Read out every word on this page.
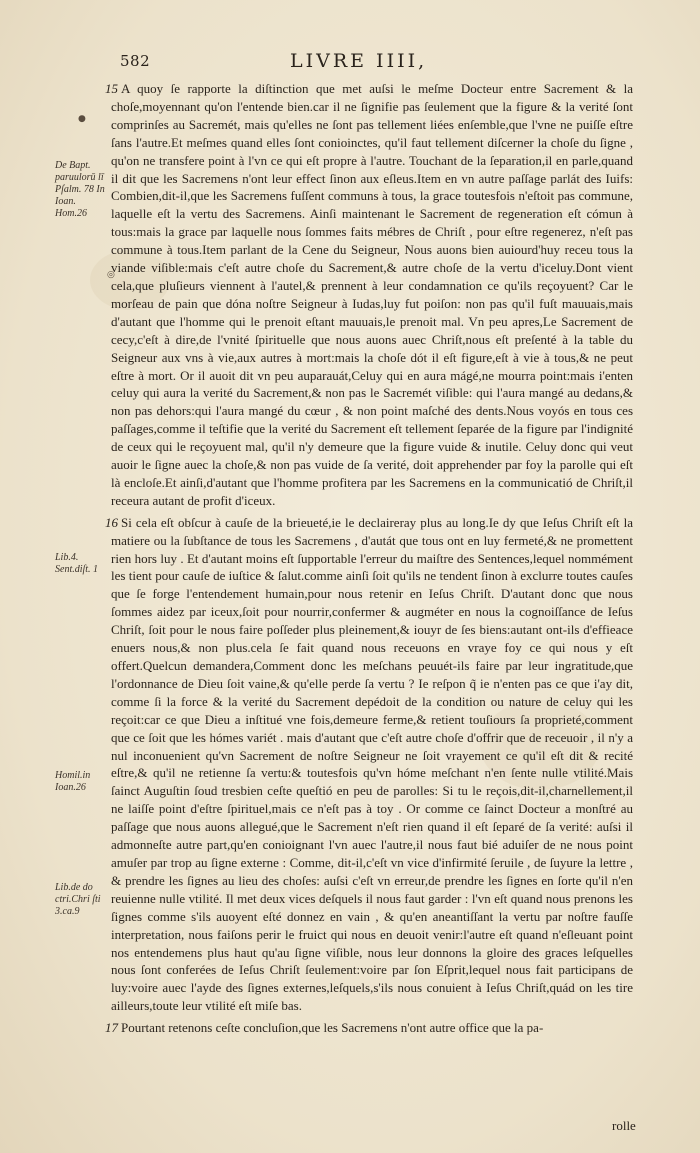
582	LIVRE IIII,
●
◎
De Bapt. paruulorū lī Pſalm. 78 In Ioan. Hom.26
Lib.4. Sent.diſt. 1
Homil.in Ioan.26
Lib.de do ctri.Chri ſti 3.ca.9
15 A quoy ſe rapporte la diſtinction que met auſsi le meſme Docteur entre Sacrement & la choſe,moyennant qu'on l'entende bien.car il ne ſignifie pas ſeulement que la figure & la verité ſont comprinſes au Sacremét, mais qu'elles ne ſont pas tellement liées enſemble,que l'vne ne puiſſe eſtre ſans l'autre.Et meſmes quand elles ſont conioinctes, qu'il faut tellement diſcerner la choſe du ſigne , qu'on ne transfere point à l'vn ce qui eſt propre à l'autre. Touchant de la ſeparation,il en parle,quand il dit que les Sacremens n'ont leur effect ſinon aux eſleus.Item en vn autre paſſage parlát des Iuifs: Combien,dit-il,que les Sacremens fuſſent communs à tous, la grace toutesfois n'eſtoit pas commune, laquelle eſt la vertu des Sacremens. Ainſi maintenant le Sacrement de regeneration eſt cómun à tous:mais la grace par laquelle nous ſommes faits mébres de Chriſt , pour eſtre regenerez, n'eſt pas commune à tous.Item parlant de la Cene du Seigneur, Nous auons bien auiourd'huy receu tous la viande viſible:mais c'eſt autre choſe du Sacrement,& autre choſe de la vertu d'iceluy.Dont vient cela,que pluſieurs viennent à l'autel,& prennent à leur condamnation ce qu'ils reçoyuent? Car le morſeau de pain que dóna noſtre Seigneur à Iudas,luy fut poiſon: non pas qu'il fuſt mauuais,mais d'autant que l'homme qui le prenoit eſtant mauuais,le prenoit mal. Vn peu apres,Le Sacrement de cecy,c'eſt à dire,de l'vnité ſpirituelle que nous auons auec Chriſt,nous eſt preſenté à la table du Seigneur aux vns à vie,aux autres à mort:mais la choſe dót il eſt figure,eſt à vie à tous,& ne peut eſtre à mort. Or il auoit dit vn peu auparauát,Celuy qui en aura mágé,ne mourra point:mais i'enten celuy qui aura la verité du Sacrement,& non pas le Sacremét viſible: qui l'aura mangé au dedans,& non pas dehors:qui l'aura mangé du cœur , & non point maſché des dents.Nous voyós en tous ces paſſages,comme il teſtifie que la verité du Sacrement eſt tellement ſeparée de la figure par l'indignité de ceux qui le reçoyuent mal, qu'il n'y demeure que la figure vuide & inutile. Celuy donc qui veut auoir le ſigne auec la choſe,& non pas vuide de ſa verité, doit apprehender par foy la parolle qui eſt là encloſe.Et ainſi,d'autant que l'homme profitera par les Sacremens en la communicatió de Chriſt,il receura autant de profit d'iceux.
16 Si cela eſt obſcur à cauſe de la brieueté,ie le declaireray plus au long.Ie dy que Ieſus Chriſt eſt la matiere ou la ſubſtance de tous les Sacremens , d'autát que tous ont en luy fermeté,& ne promettent rien hors luy . Et d'autant moins eſt ſupportable l'erreur du maiſtre des Sentences,lequel nommément les tient pour cauſe de iuſtice & ſalut.comme ainſi ſoit qu'ils ne tendent ſinon à exclurre toutes cauſes que ſe forge l'entendement humain,pour nous retenir en Ieſus Chriſt. D'autant donc que nous ſommes aidez par iceux,ſoit pour nourrir,confermer & augméter en nous la cognoiſſance de Ieſus Chriſt, ſoit pour le nous faire poſſeder plus pleinement,& iouyr de ſes biens:autant ont-ils d'effieace enuers nous,& non plus.cela ſe fait quand nous receuons en vraye foy ce qui nous y eſt offert.Quelcun demandera,Comment donc les meſchans peuuét-ils faire par leur ingratitude,que l'ordonnance de Dieu ſoit vaine,& qu'elle perde ſa vertu ? Ie reſpon q̃ ie n'enten pas ce que i'ay dit, comme ſi la force & la verité du Sacrement depédoit de la condition ou nature de celuy qui les reçoit:car ce que Dieu a inſtitué vne fois,demeure ferme,& retient touſiours ſa proprieté,comment que ce ſoit que les hómes variét . mais d'autant que c'eſt autre choſe d'offrir que de receuoir , il n'y a nul inconuenient qu'vn Sacrement de noſtre Seigneur ne ſoit vrayement ce qu'il eſt dit & recité eſtre,& qu'il ne retienne ſa vertu:& toutesfois qu'vn hóme meſchant n'en ſente nulle vtilité.Mais ſainct Auguſtin ſoud tresbien ceſte queſtió en peu de parolles: Si tu le reçois,dit-il,charnellement,il ne laiſſe point d'eſtre ſpirituel,mais ce n'eſt pas à toy . Or comme ce ſainct Docteur a monſtré au paſſage que nous auons allegué,que le Sacrement n'eſt rien quand il eſt ſeparé de ſa verité: auſsi il admonneſte autre part,qu'en conioignant l'vn auec l'autre,il nous faut bié aduiſer de ne nous point amuſer par trop au ſigne externe : Comme, dit-il,c'eſt vn vice d'infirmité ſeruile , de ſuyure la lettre , & prendre les ſignes au lieu des choſes: auſsi c'eſt vn erreur,de prendre les ſignes en ſorte qu'il n'en reuienne nulle vtilité. Il met deux vices deſquels il nous faut garder : l'vn eſt quand nous prenons les ſignes comme s'ils auoyent eſté donnez en vain , & qu'en aneantiſſant la vertu par noſtre fauſſe interpretation, nous faiſons perir le fruict qui nous en deuoit venir:l'autre eſt quand n'eſleuant point nos entendemens plus haut qu'au ſigne viſible, nous leur donnons la gloire des graces leſquelles nous ſont conferées de Ieſus Chriſt ſeulement:voire par ſon Eſprit,lequel nous fait participans de luy:voire auec l'ayde des ſignes externes,leſquels,s'ils nous conuient à Ieſus Chriſt,quád on les tire ailleurs,toute leur vtilité eſt miſe bas.
17 Pourtant retenons ceſte concluſion,que les Sacremens n'ont autre office que la pa-
rolle
